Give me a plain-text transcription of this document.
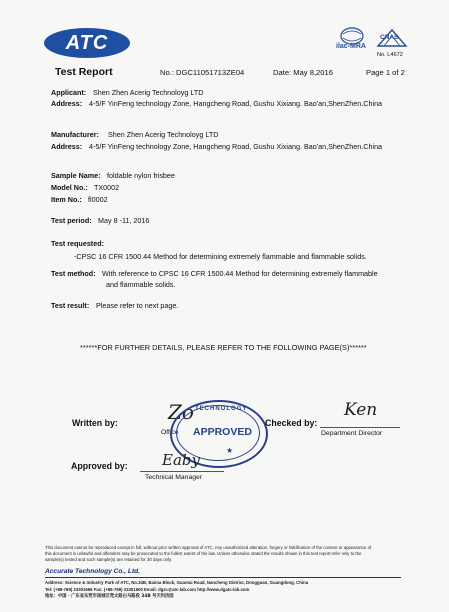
ATC	ilac-MRA
CNAS
No. L4672
Test Report	No.: DGC11051713ZE04	Date: May 8,2016	Page 1 of 2
Applicant: Shen Zhen Acerig Technoloyg LTD
Address: 4-5/F YinFeng technology Zone, Hangcheng Road, Gushu Xixiang. Bao'an,ShenZhen.China
Manufacturer: Shen Zhen Acerig Technoloyg LTD
Address: 4-5/F YinFeng technology Zone, Hangcheng Road, Gushu Xixiang. Bao'an,ShenZhen.China
Sample Name: foldable nylon frisbee
Model No.: TX0002
Item No.: fl0002
Test period: May 8 -11, 2016
Test requested:
-CPSC 16 CFR 1500.44 Method for determining extremely flammable and flammable solids.
Test method: With reference to CPSC 16 CFR 1500.44 Method for determining extremely flammable
and flammable solids.
Test result: Please refer to next page.
******FOR FURTHER DETAILS, PLEASE REFER TO THE FOLLOWING PAGE(S)******
Written by:	Zo
Office
TECHNOLOGY
APPROVED
★
Checked by:
Ken
Department Director
Approved by: Eaby
Technical Manager
This document cannot be reproduced except in full, without prior written approval of ATC. Any unauthorized alteration, forgery or falsification of the content or appearance of
this document is unlawful and offenders may be prosecuted to the fullest extent of the law. Unless otherwise stated the results shown in this test report refer only to the
sample(s) tested and such sample(s) are retained for 30 days only.
Accurate Technology Co., Ltd.
Address: Science & Industry Park of ATC, No.34B, Baima Block, Guantai Road, Nancheng District, Dongguan, Guangdong, China
Tel: (+86-769) 23301666 Fax: (+86-769) 23301600 Email: dgzc@atc-lab.com http://www.dgatc-lab.com
地址：中国 · 广东省东莞市南城区莞太路白马路段 34B 号天科技园
